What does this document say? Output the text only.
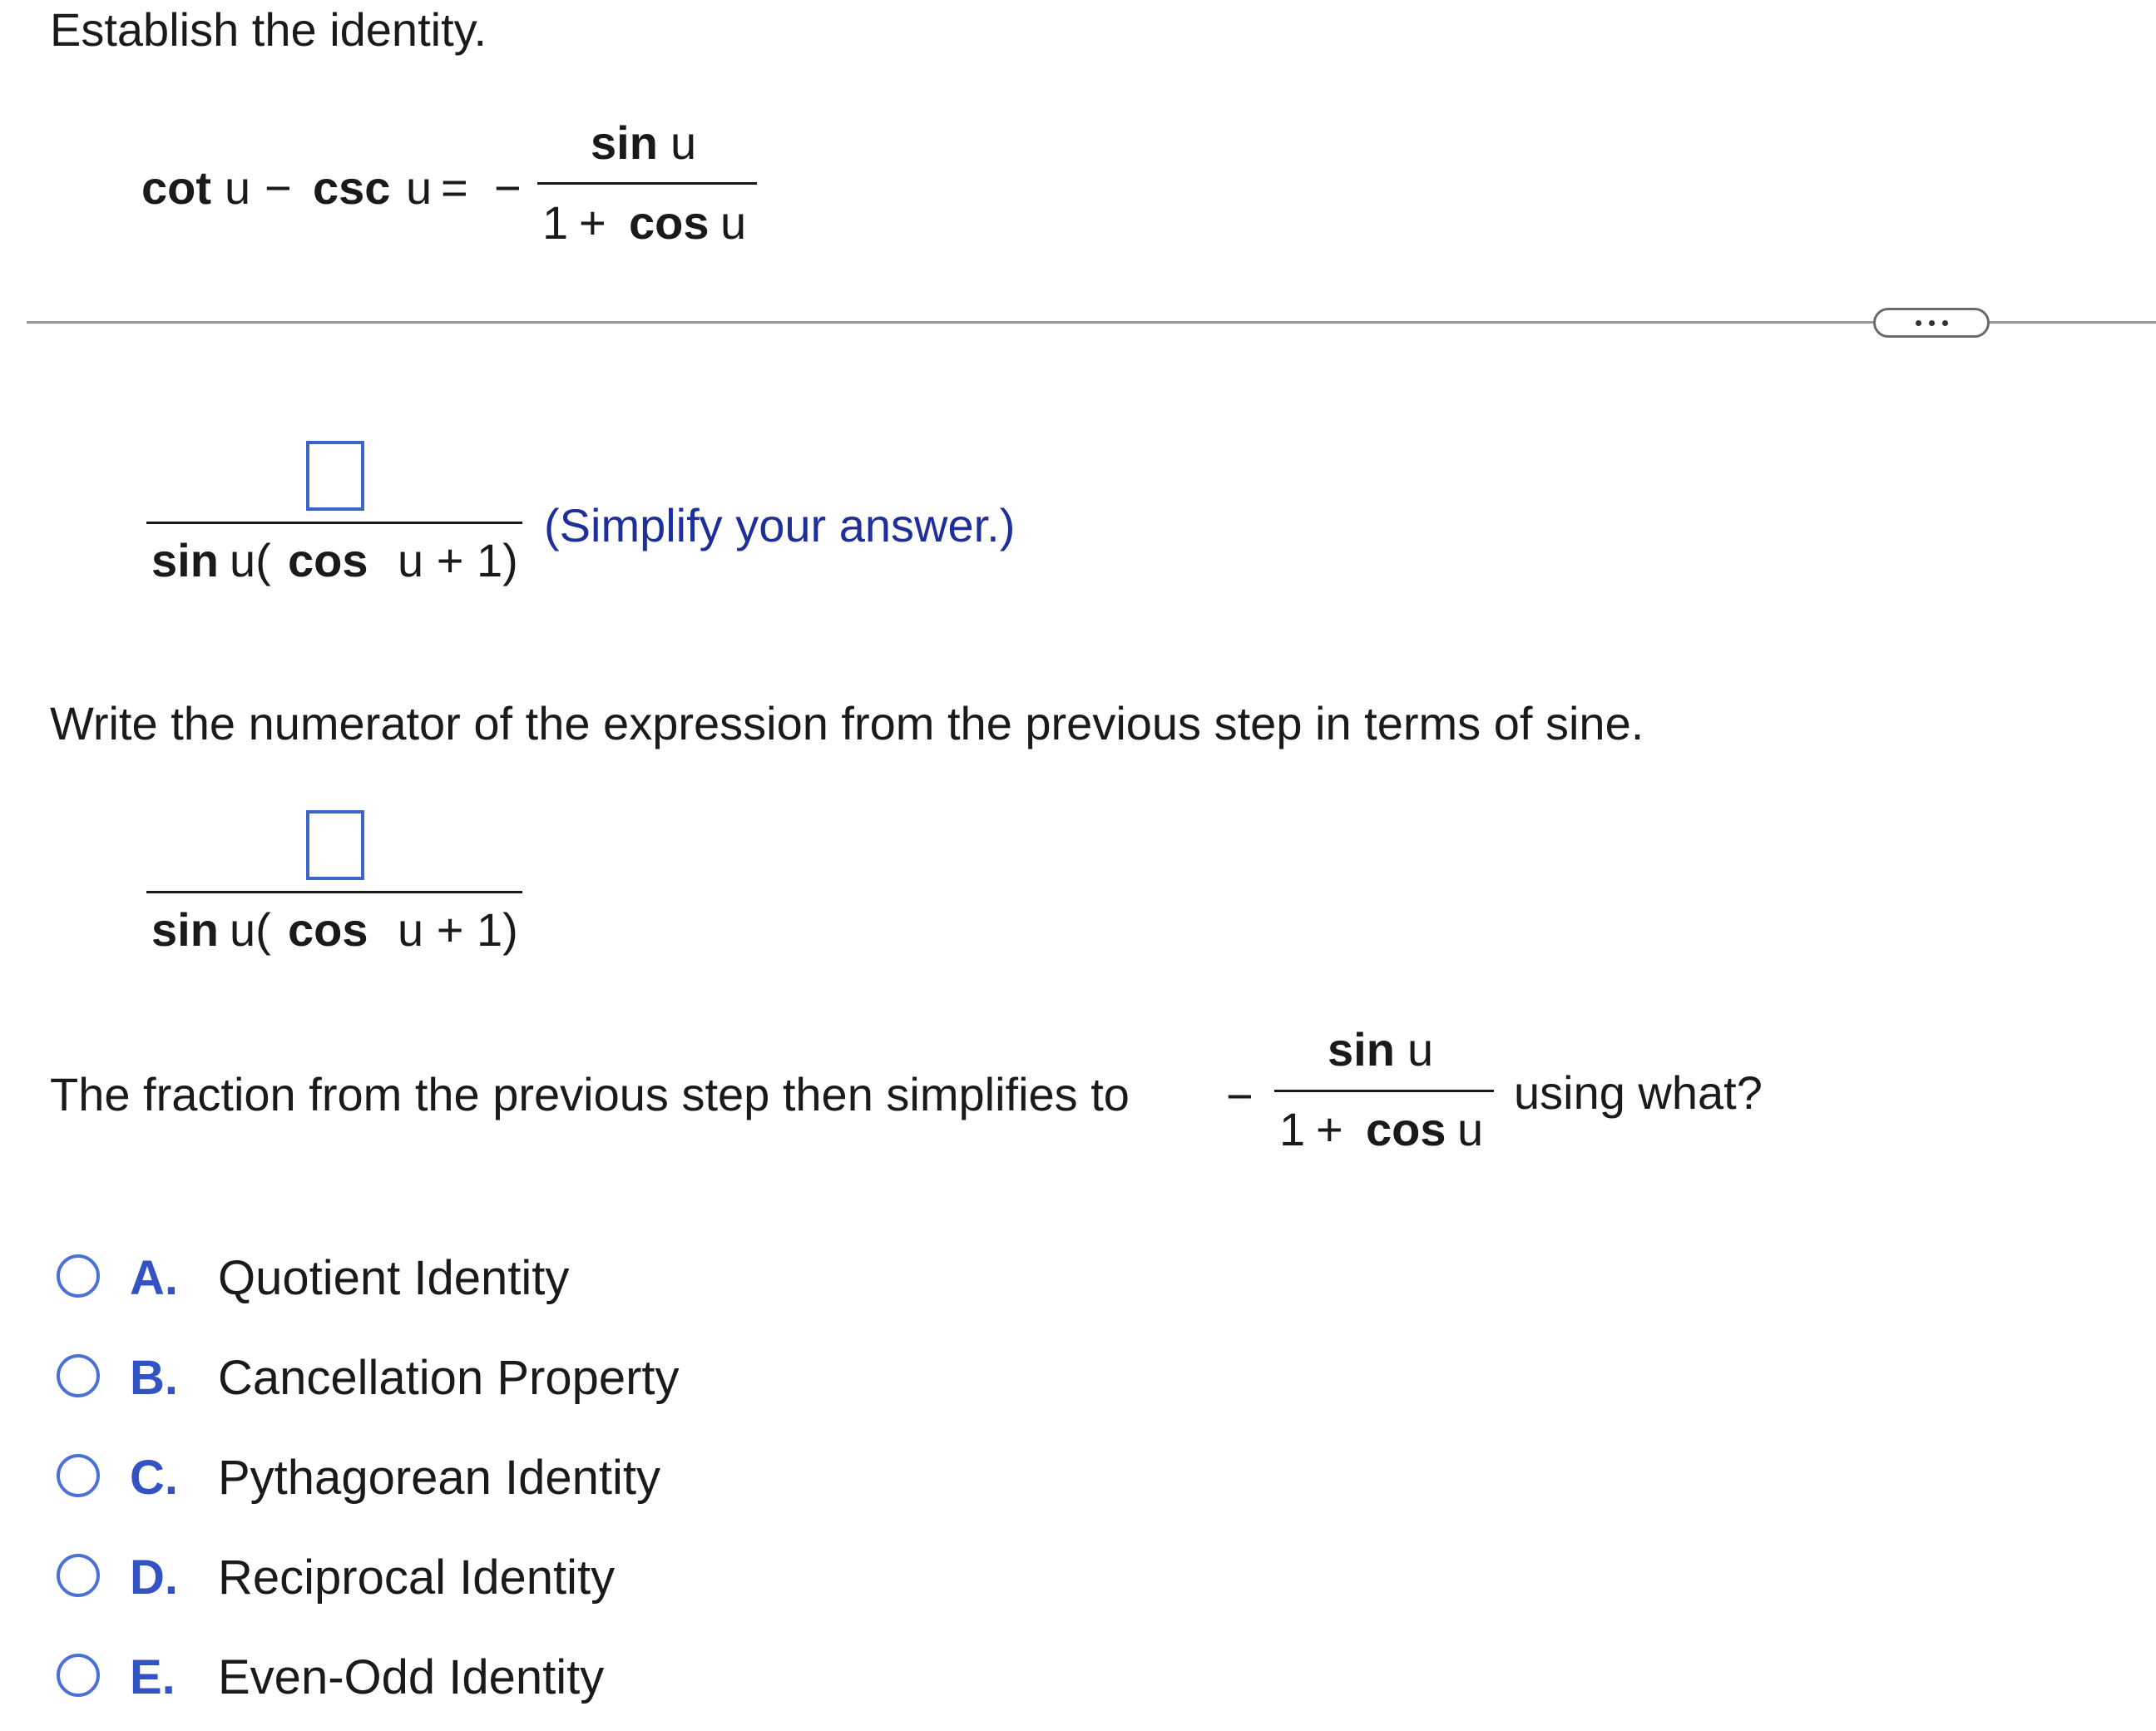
Establish the identity.
cot u − csc u = −
sin u
1 + cos u
sin u( cos u + 1)
(Simplify your answer.)
Write the numerator of the expression from the previous step in terms of sine.
sin u( cos u + 1)
The fraction from the previous step then simplifies to −
sin u
1 + cos u
using what?
A. Quotient Identity
B. Cancellation Property
C. Pythagorean Identity
D. Reciprocal Identity
E. Even-Odd Identity
